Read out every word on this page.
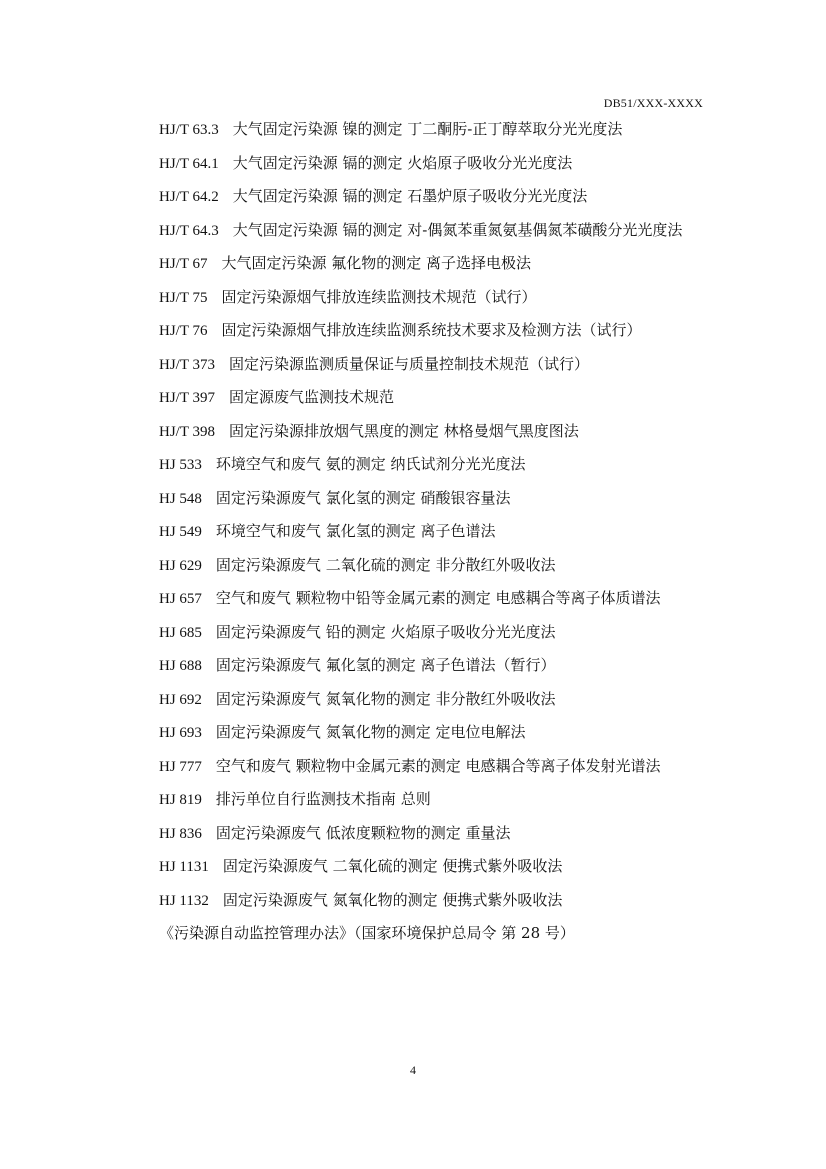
DB51/XXX-XXXX
HJ/T 63.3 大气固定污染源 镍的测定 丁二酮肟-正丁醇萃取分光光度法
HJ/T 64.1 大气固定污染源 镉的测定 火焰原子吸收分光光度法
HJ/T 64.2 大气固定污染源 镉的测定 石墨炉原子吸收分光光度法
HJ/T 64.3 大气固定污染源 镉的测定 对-偶氮苯重氮氨基偶氮苯磺酸分光光度法
HJ/T 67 大气固定污染源 氟化物的测定 离子选择电极法
HJ/T 75 固定污染源烟气排放连续监测技术规范（试行）
HJ/T 76 固定污染源烟气排放连续监测系统技术要求及检测方法（试行）
HJ/T 373 固定污染源监测质量保证与质量控制技术规范（试行）
HJ/T 397 固定源废气监测技术规范
HJ/T 398 固定污染源排放烟气黑度的测定 林格曼烟气黑度图法
HJ 533 环境空气和废气 氨的测定 纳氏试剂分光光度法
HJ 548 固定污染源废气 氯化氢的测定 硝酸银容量法
HJ 549 环境空气和废气 氯化氢的测定 离子色谱法
HJ 629 固定污染源废气 二氧化硫的测定 非分散红外吸收法
HJ 657 空气和废气 颗粒物中铅等金属元素的测定 电感耦合等离子体质谱法
HJ 685 固定污染源废气 铅的测定 火焰原子吸收分光光度法
HJ 688 固定污染源废气 氟化氢的测定 离子色谱法（暂行）
HJ 692 固定污染源废气 氮氧化物的测定 非分散红外吸收法
HJ 693 固定污染源废气 氮氧化物的测定 定电位电解法
HJ 777 空气和废气 颗粒物中金属元素的测定 电感耦合等离子体发射光谱法
HJ 819 排污单位自行监测技术指南 总则
HJ 836 固定污染源废气 低浓度颗粒物的测定 重量法
HJ 1131 固定污染源废气 二氧化硫的测定 便携式紫外吸收法
HJ 1132 固定污染源废气 氮氧化物的测定 便携式紫外吸收法
《污染源自动监控管理办法》（国家环境保护总局令 第 28 号）
4
